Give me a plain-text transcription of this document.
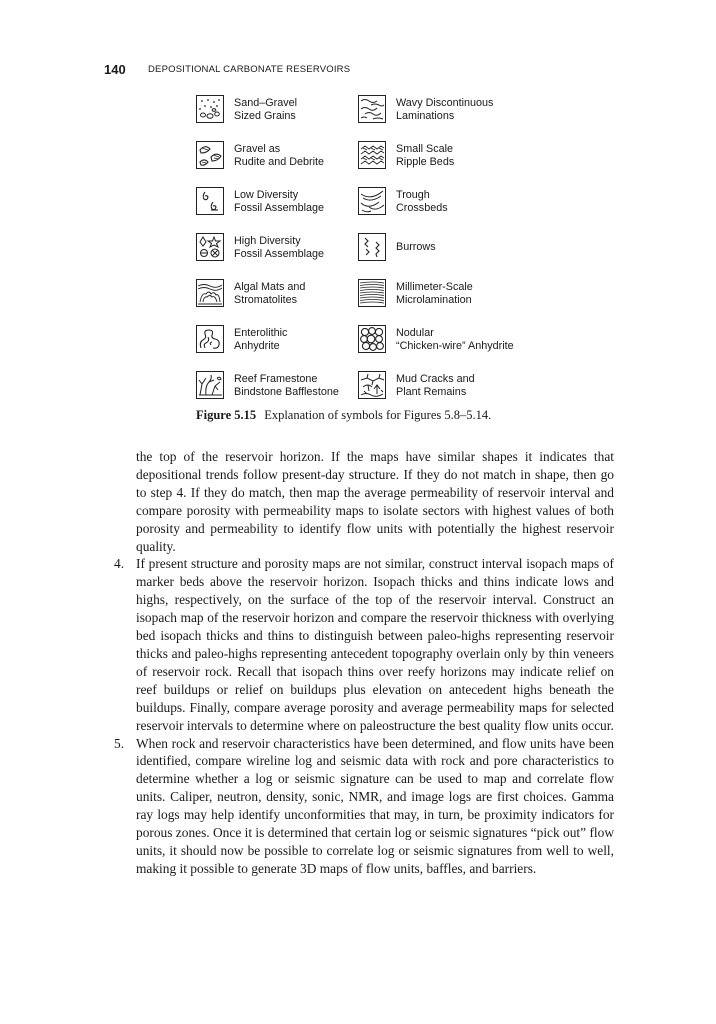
140 DEPOSITIONAL CARBONATE RESERVOIRS
Sand–Gravel
Sized Grains
Gravel as
Rudite and Debrite
Low Diversity
Fossil Assemblage
High Diversity
Fossil Assemblage
Algal Mats and
Stromatolites
Enterolithic
Anhydrite
Reef Framestone
Bindstone Bafflestone
Wavy Discontinuous
Laminations
Small Scale
Ripple Beds
Trough
Crossbeds
Burrows
Millimeter-Scale
Microlamination
Nodular
“Chicken-wire” Anhydrite
Mud Cracks and
Plant Remains
Figure 5.15 Explanation of symbols for Figures 5.8–5.14.

the top of the reservoir horizon. If the maps have similar shapes it indicates that depositional trends follow present-day structure. If they do not match in shape, then go to step 4. If they do match, then map the average permeability of reservoir interval and compare porosity with permeability maps to isolate sectors with highest values of both porosity and permeability to identify flow units with potentially the highest reservoir quality.

4. If present structure and porosity maps are not similar, construct interval isopach maps of marker beds above the reservoir horizon. Isopach thicks and thins indicate lows and highs, respectively, on the surface of the top of the reservoir interval. Construct an isopach map of the reservoir horizon and compare the reservoir thickness with overlying bed isopach thicks and thins to distinguish between paleo-highs representing reservoir thicks and paleo-highs representing antecedent topography overlain only by thin veneers of reservoir rock. Recall that isopach thins over reefy horizons may indicate relief on reef buildups or relief on buildups plus elevation on antecedent highs beneath the buildups. Finally, compare average porosity and average permeability maps for selected reservoir intervals to determine where on paleostructure the best quality flow units occur.
5. When rock and reservoir characteristics have been determined, and flow units have been identified, compare wireline log and seismic data with rock and pore characteristics to determine whether a log or seismic signature can be used to map and correlate flow units. Caliper, neutron, density, sonic, NMR, and image logs are first choices. Gamma ray logs may help identify unconformities that may, in turn, be proximity indicators for porous zones. Once it is determined that certain log or seismic signatures “pick out” flow units, it should now be possible to correlate log or seismic signatures from well to well, making it possible to generate 3D maps of flow units, baffles, and barriers.
